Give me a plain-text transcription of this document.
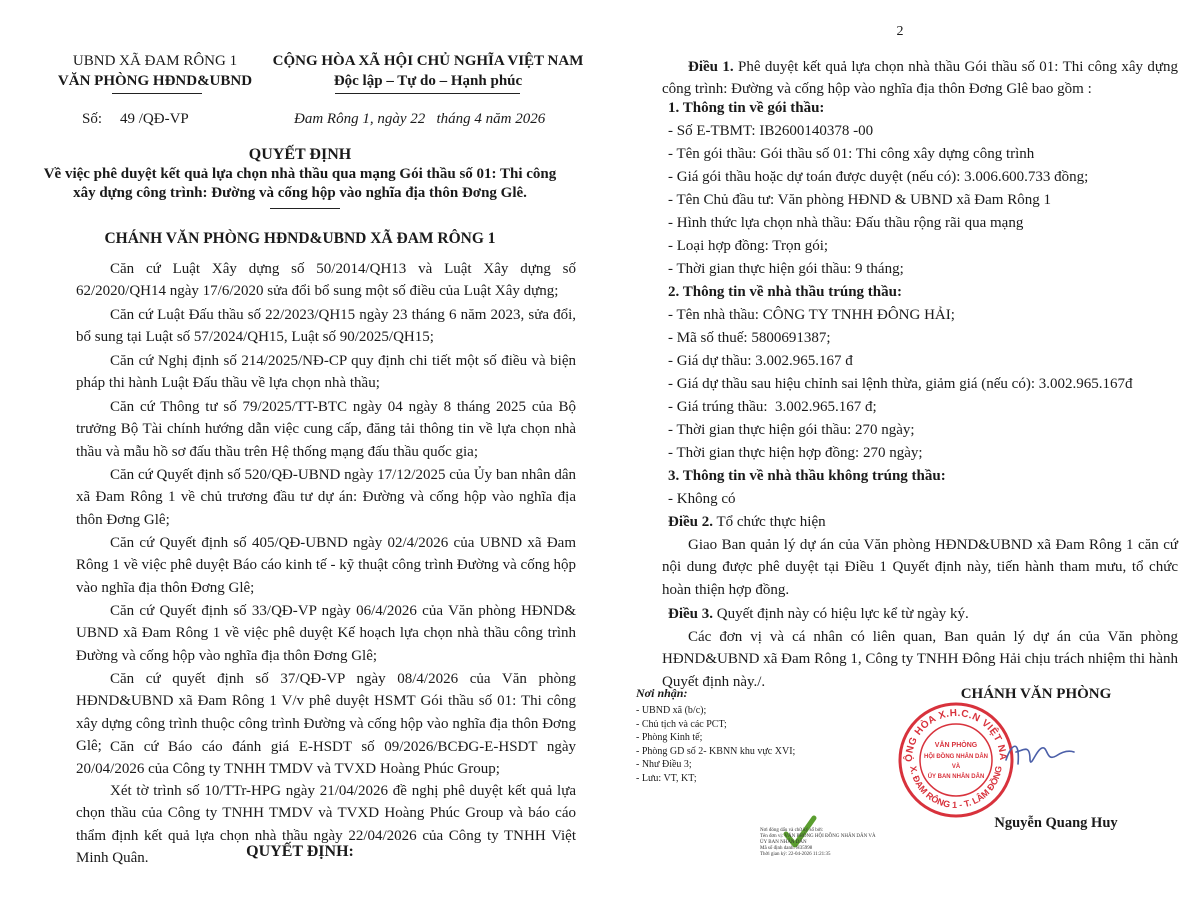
UBND XÃ ĐAM RÔNG 1
VĂN PHÒNG HĐND&UBND
CỘNG HÒA XÃ HỘI CHỦ NGHĨA VIỆT NAM
Độc lập – Tự do – Hạnh phúc
Số: 49 /QĐ-VP	Đam Rông 1, ngày 22   tháng 4 năm 2026
QUYẾT ĐỊNH
Về việc phê duyệt kết quả lựa chọn nhà thầu qua mạng Gói thầu số 01: Thi công
xây dựng công trình: Đường và cống hộp vào nghĩa địa thôn Đơng Glê.
CHÁNH VĂN PHÒNG HĐND&UBND XÃ ĐAM RÔNG 1
Căn cứ Luật Xây dựng số 50/2014/QH13 và Luật Xây dựng số 62/2020/QH14 ngày 17/6/2020 sửa đổi bổ sung một số điều của Luật Xây dựng;
Căn cứ Luật Đấu thầu số 22/2023/QH15 ngày 23 tháng 6 năm 2023, sửa đổi, bổ sung tại Luật số 57/2024/QH15, Luật số 90/2025/QH15;
Căn cứ Nghị định số 214/2025/NĐ-CP quy định chi tiết một số điều và biện pháp thi hành Luật Đấu thầu về lựa chọn nhà thầu;
Căn cứ Thông tư số 79/2025/TT-BTC ngày 04 ngày 8 tháng 2025 của Bộ trưởng Bộ Tài chính hướng dẫn việc cung cấp, đăng tải thông tin về lựa chọn nhà thầu và mẫu hồ sơ đấu thầu trên Hệ thống mạng đấu thầu quốc gia;
Căn cứ Quyết định số 520/QĐ-UBND ngày 17/12/2025 của Ủy ban nhân dân xã Đam Rông 1 về chủ trương đầu tư dự án: Đường và cống hộp vào nghĩa địa thôn Đơng Glê;
Căn cứ Quyết định số 405/QĐ-UBND ngày 02/4/2026 của UBND xã Đam Rông 1 về việc phê duyệt Báo cáo kinh tế - kỹ thuật công trình Đường và cống hộp vào nghĩa địa thôn Đơng Glê;
Căn cứ Quyết định số 33/QĐ-VP ngày 06/4/2026 của Văn phòng HĐND& UBND xã Đam Rông 1 về việc phê duyệt Kế hoạch lựa chọn nhà thầu công trình Đường và cống hộp vào nghĩa địa thôn Đơng Glê;
Căn cứ quyết định số 37/QĐ-VP ngày 08/4/2026 của Văn phòng HĐND&UBND xã Đam Rông 1 V/v phê duyệt HSMT Gói thầu số 01: Thi công xây dựng công trình thuộc công trình Đường và cống hộp vào nghĩa địa thôn Đơng Glê; Căn cứ Báo cáo đánh giá E-HSDT số 09/2026/BCĐG-E-HSDT ngày 20/04/2026 của Công ty TNHH TMDV và TVXD Hoàng Phúc Group;
Xét tờ trình số 10/TTr-HPG ngày 21/04/2026 đề nghị phê duyệt kết quả lựa chọn thầu của Công ty TNHH TMDV và TVXD Hoàng Phúc Group và báo cáo thẩm định kết quả lựa chọn nhà thầu ngày 22/04/2026 của Công ty TNHH Việt Minh Quân.	QUYẾT ĐỊNH:
2
Điều 1. Phê duyệt kết quả lựa chọn nhà thầu Gói thầu số 01: Thi công xây dựng công trình: Đường và cống hộp vào nghĩa địa thôn Đơng Glê bao gồm :
1. Thông tin về gói thầu:
- Số E-TBMT: IB2600140378 -00
- Tên gói thầu: Gói thầu số 01: Thi công xây dựng công trình
- Giá gói thầu hoặc dự toán được duyệt (nếu có): 3.006.600.733 đồng;
- Tên Chủ đầu tư: Văn phòng HĐND & UBND xã Đam Rông 1
- Hình thức lựa chọn nhà thầu: Đấu thầu rộng rãi qua mạng
- Loại hợp đồng: Trọn gói;
- Thời gian thực hiện gói thầu: 9 tháng;
2. Thông tin về nhà thầu trúng thầu:
- Tên nhà thầu: CÔNG TY TNHH ĐÔNG HẢI;
- Mã số thuế: 5800691387;
- Giá dự thầu: 3.002.965.167 đ
- Giá dự thầu sau hiệu chỉnh sai lệnh thừa, giảm giá (nếu có): 3.002.965.167đ
- Giá trúng thầu:  3.002.965.167 đ;
- Thời gian thực hiện gói thầu: 270 ngày;
- Thời gian thực hiện hợp đồng: 270 ngày;
3. Thông tin về nhà thầu không trúng thầu:
- Không có
Điều 2. Tổ chức thực hiện
Giao Ban quản lý dự án của Văn phòng HĐND&UBND xã Đam Rông 1 căn cứ nội dung được phê duyệt tại Điều 1 Quyết định này, tiến hành tham mưu, tổ chức hoàn thiện hợp đồng.
Điều 3. Quyết định này có hiệu lực kể từ ngày ký.
Các đơn vị và cá nhân có liên quan, Ban quản lý dự án của Văn phòng HĐND&UBND xã Đam Rông 1, Công ty TNHH Đông Hải chịu trách nhiệm thi hành Quyết định này./.
Nơi nhận:
- UBND xã (b/c);
- Chủ tịch và các PCT;
- Phòng Kinh tế;
- Phòng GD số 2- KBNN khu vực XVI;
- Như Điều 3;
- Lưu: VT, KT;
CHÁNH VĂN PHÒNG
ỘNG HÒA X.H.C.N VIỆT NA
X. ĐAM RÔNG 1 - T. LÂM ĐỒNG
VĂN PHÒNG
HỘI ĐỒNG NHÂN DÂN
VÀ
ỦY BAN NHÂN DÂN
Nguyễn Quang Huy
Nơi đóng dấu và chữ ký số bởi:
Tên đơn vị: VĂN PHÒNG HỘI ĐỒNG NHÂN DÂN VÀ
ỦY BAN NHÂN DÂN
Mã số định danh: H35998
Thời gian ký: 22-04-2026 11:21:35
